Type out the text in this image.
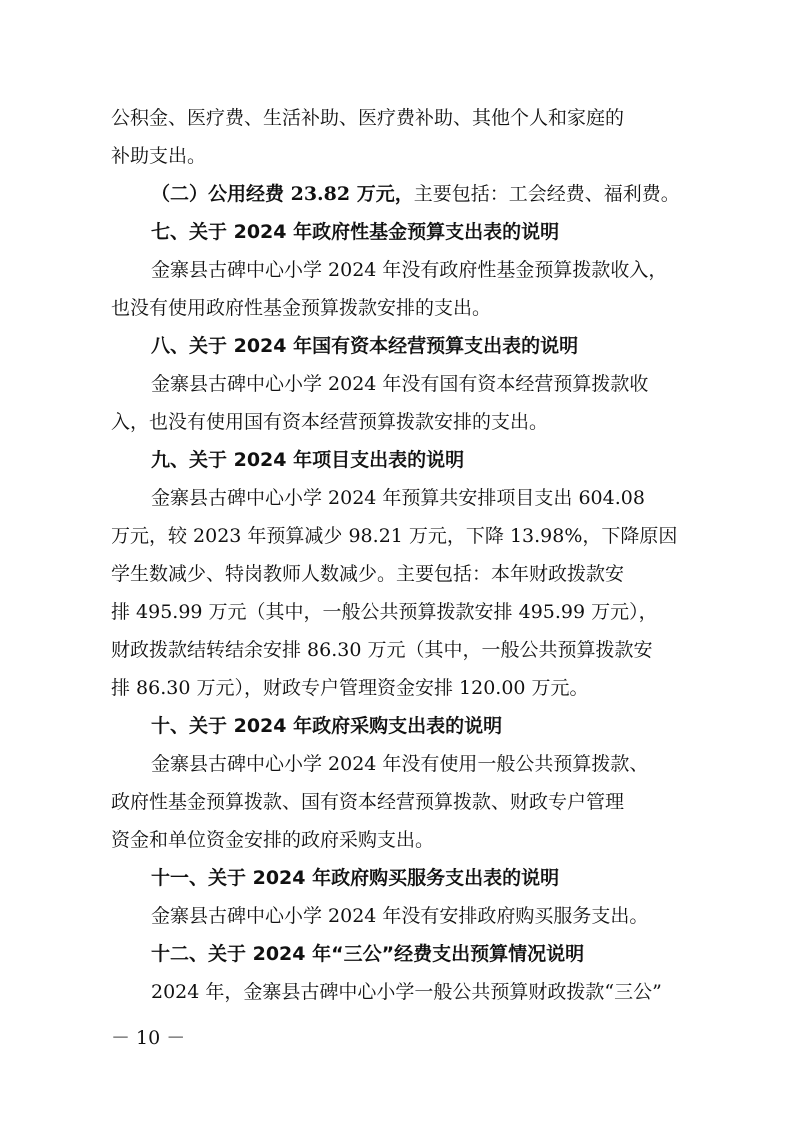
公积金、医疗费、生活补助、医疗费补助、其他个人和家庭的
补助支出。
（二）公用经费 23.82 万元，主要包括：工会经费、福利费。
七、关于 2024 年政府性基金预算支出表的说明
金寨县古碑中心小学 2024 年没有政府性基金预算拨款收入，
也没有使用政府性基金预算拨款安排的支出。
八、关于 2024 年国有资本经营预算支出表的说明
金寨县古碑中心小学 2024 年没有国有资本经营预算拨款收
入，也没有使用国有资本经营预算拨款安排的支出。
九、关于 2024 年项目支出表的说明
金寨县古碑中心小学 2024 年预算共安排项目支出 604.08
万元，较 2023 年预算减少 98.21 万元，下降 13.98%，下降原因
学生数减少、特岗教师人数减少。主要包括：本年财政拨款安
排 495.99 万元（其中，一般公共预算拨款安排 495.99 万元），
财政拨款结转结余安排 86.30 万元（其中，一般公共预算拨款安
排 86.30 万元），财政专户管理资金安排 120.00 万元。
十、关于 2024 年政府采购支出表的说明
金寨县古碑中心小学 2024 年没有使用一般公共预算拨款、
政府性基金预算拨款、国有资本经营预算拨款、财政专户管理
资金和单位资金安排的政府采购支出。
十一、关于 2024 年政府购买服务支出表的说明
金寨县古碑中心小学 2024 年没有安排政府购买服务支出。
十二、关于 2024 年“三公”经费支出预算情况说明
2024 年，金寨县古碑中心小学一般公共预算财政拨款“三公”
－ 10 －
